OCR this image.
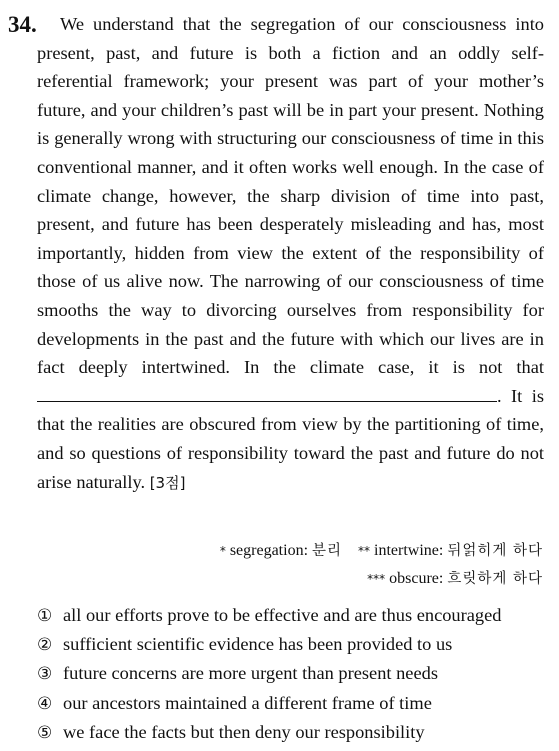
34.	We understand that the segregation of our consciousness into present, past, and future is both a fiction and an oddly self-referential framework; your present was part of your mother’s future, and your children’s past will be in part your present. Nothing is generally wrong with structuring our consciousness of time in this conventional manner, and it often works well enough. In the case of climate change, however, the sharp division of time into past, present, and future has been desperately misleading and has, most importantly, hidden from view the extent of the responsibility of those of us alive now. The narrowing of our consciousness of time smooths the way to divorcing ourselves from responsibility for developments in the past and the future with which our lives are in fact deeply intertwined. In the climate case, it is not that . It is that the realities are obscured from view by the partitioning of time, and so questions of responsibility toward the past and future do not arise naturally. [3점]

* segregation: 분리 ** intertwine: 뒤얽히게 하다
*** obscure: 흐릿하게 하다
① all our efforts prove to be effective and are thus encouraged
② sufficient scientific evidence has been provided to us
③ future concerns are more urgent than present needs
④ our ancestors maintained a different frame of time
⑤ we face the facts but then deny our responsibility
